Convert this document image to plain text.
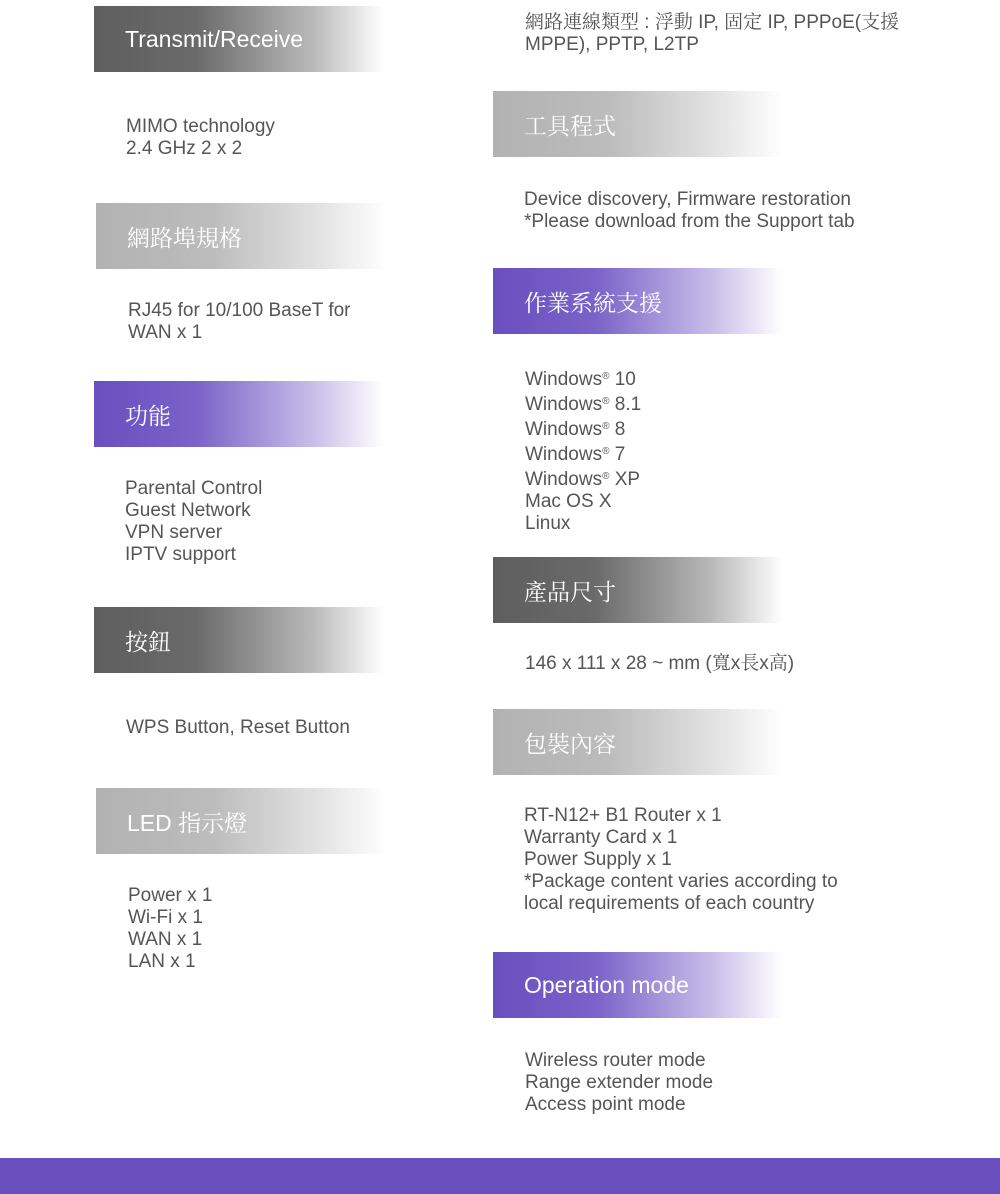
Transmit/Receive
MIMO technology
2.4 GHz 2 x 2
網路埠規格
RJ45 for 10/100 BaseT for
WAN x 1
功能
Parental Control
Guest Network
VPN server
IPTV support
按鈕
WPS Button, Reset Button
LED 指示燈
Power x 1
Wi-Fi x 1
WAN x 1
LAN x 1
網路連線類型 : 浮動 IP, 固定 IP, PPPoE(支援
MPPE), PPTP, L2TP
工具程式
Device discovery, Firmware restoration
*Please download from the Support tab
作業系統支援
Windows® 10
Windows® 8.1
Windows® 8
Windows® 7
Windows® XP
Mac OS X
Linux
產品尺寸
146 x 111 x 28 ~ mm (寬x長x高)
包裝內容
RT-N12+ B1 Router x 1
Warranty Card x 1
Power Supply x 1
*Package content varies according to
local requirements of each country
Operation mode
Wireless router mode
Range extender mode
Access point mode
